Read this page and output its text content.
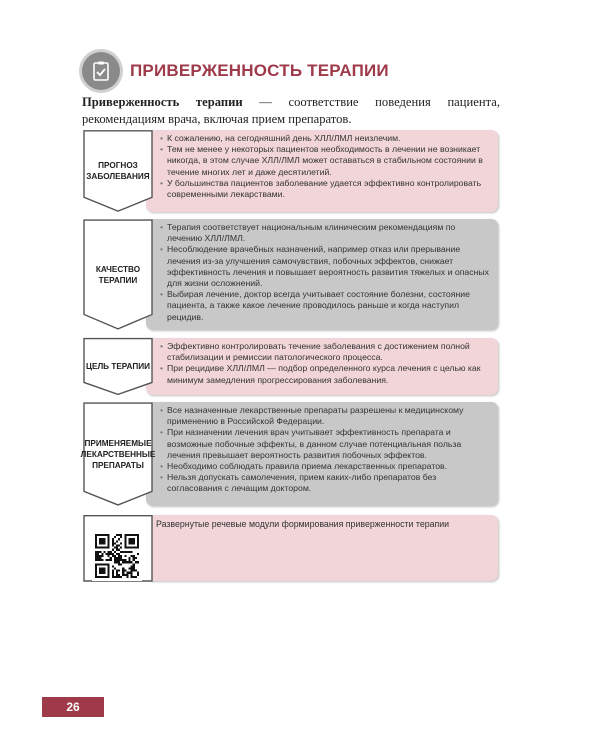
ПРИВЕРЖЕННОСТЬ ТЕРАПИИ
Приверженность терапии — соответствие поведения пациента, рекомендациям врача, включая прием препаратов.
• К сожалению, на сегодняшний день ХЛЛ/ЛМЛ неизлечим.
• Тем не менее у некоторых пациентов необходимость в лечении не возникает никогда, в этом случае ХЛЛ/ЛМЛ может оставаться в стабильном состоянии в течение многих лет и даже десятилетий.
• У большинства пациентов заболевание удается эффективно контролировать современными лекарствами.
ПРОГНОЗ
ЗАБОЛЕВАНИЯ
• Терапия соответствует национальным клиническим рекомендациям по лечению ХЛЛ/ЛМЛ.
• Несоблюдение врачебных назначений, например отказ или прерывание лечения из-за улучшения самочувствия, побочных эффектов, снижает эффективность лечения и повышает вероятность развития тяжелых и опасных для жизни осложнений.
• Выбирая лечение, доктор всегда учитывает состояние болезни, состояние пациента, а также какое лечение проводилось раньше и когда наступил рецидив.
КАЧЕСТВО
ТЕРАПИИ
• Эффективно контролировать течение заболевания с достижением полной стабилизации и ремиссии патологического процесса.
• При рецидиве ХЛЛ/ЛМЛ — подбор определенного курса лечения с целью как минимум замедления прогрессирования заболевания.
ЦЕЛЬ ТЕРАПИИ
• Все назначенные лекарственные препараты разрешены к медицинскому применению в Российской Федерации.
• При назначении лечения врач учитывает эффективность препарата и возможные побочные эффекты, в данном случае потенциальная польза лечения превышает вероятность развития побочных эффектов.
• Необходимо соблюдать правила приема лекарственных препаратов.
• Нельзя допускать самолечения, прием каких-либо препаратов без согласования с лечащим доктором.
ПРИМЕНЯЕМЫЕ
ЛЕКАРСТВЕННЫЕ
ПРЕПАРАТЫ
Развернутые речевые модули формирования приверженности терапии
26
